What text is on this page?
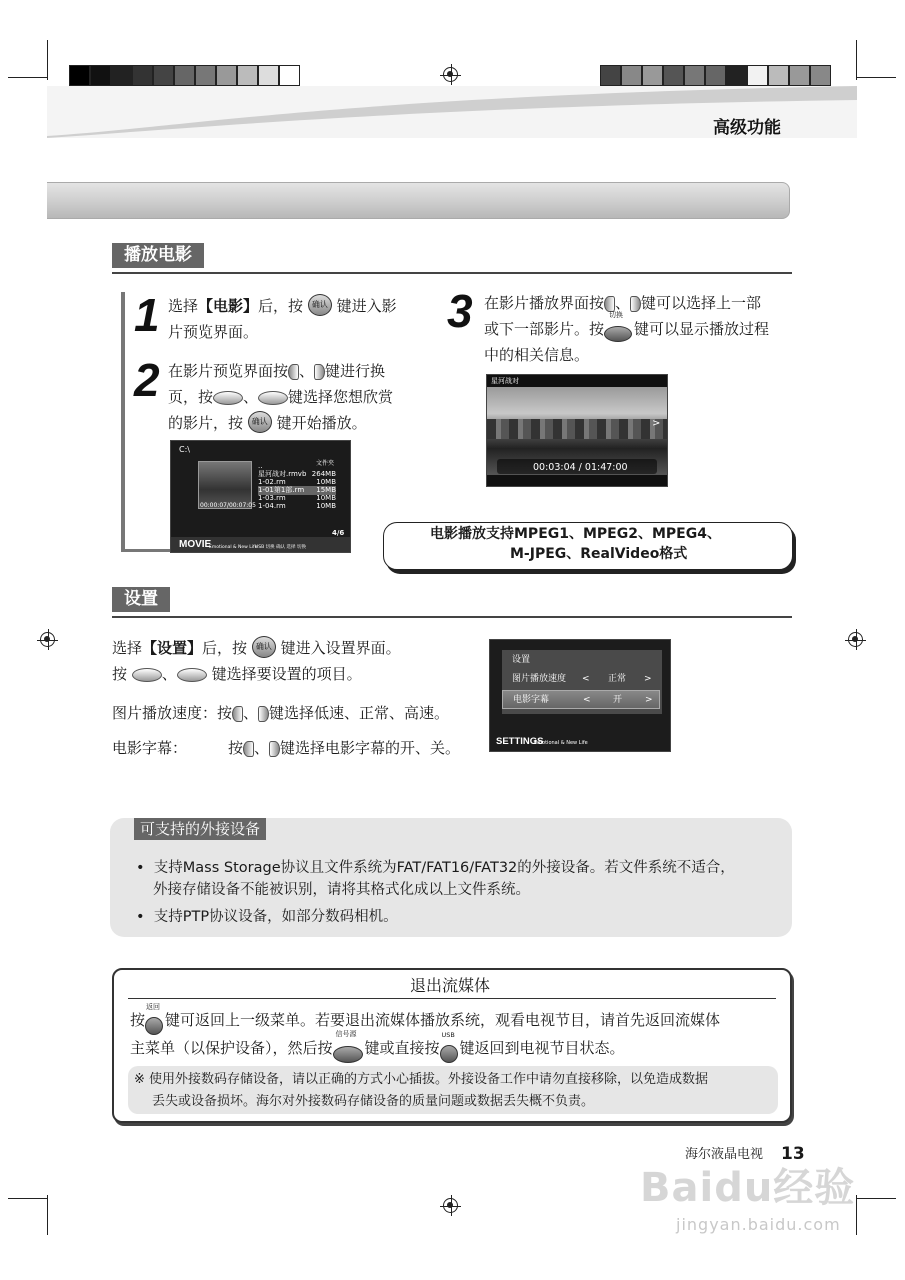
高级功能
播放电影
1 选择【电影】后，按 确认 键进入影
片预览界面。
2 在影片预览界面按 、 键进行换
页，按 、 键选择您想欣赏
的影片，按 确认 键开始播放。
C:\
00:00:07/00:07:05
文件夹
..
星河战对.rmvb 264MB
1-02.rm	10MB
1-01第1部.rm 15MB
1-03.rm	10MB
1-04.rm	10MB
4/6
MOVIE
Emotional & New Life
USB 切换 确认 选择 切换
3 在影片播放界面按 、 键可以选择上一部
或下一部影片。按
切换
键可以显示播放过程
中的相关信息。
星河战对
>
00:03:04 / 01:47:00
电影播放支持MPEG1、MPEG2、MPEG4、
M-JPEG、RealVideo格式
设置
选择【设置】后，按 确认 键进入设置界面。
按 、 键选择要设置的项目。
图片播放速度：按 、 键选择低速、正常、高速。
电影字幕：	按 、 键选择电影字幕的开、关。
设置
图片播放速度 < 正常 >
电影字幕	< 开	>
SETTINGS
Emotional & New Life
可支持的外接设备
•  支持Mass Storage协议且文件系统为FAT/FAT16/FAT32的外接设备。若文件系统不适合，
外接存储设备不能被识别，请将其格式化成以上文件系统。
•  支持PTP协议设备，如部分数码相机。
退出流媒体
按
返回
键可返回上一级菜单。若要退出流媒体播放系统，观看电视节目，请首先返回流媒体
主菜单（以保护设备），然后按
信号源
键或直接按
USB
键返回到电视节目状态。
※ 使用外接数码存储设备，请以正确的方式小心插拔。外接设备工作中请勿直接移除，以免造成数据
丢失或设备损坏。海尔对外接数码存储设备的质量问题或数据丢失概不负责。
海尔液晶电视 13
Baidu经验
jingyan.baidu.com
